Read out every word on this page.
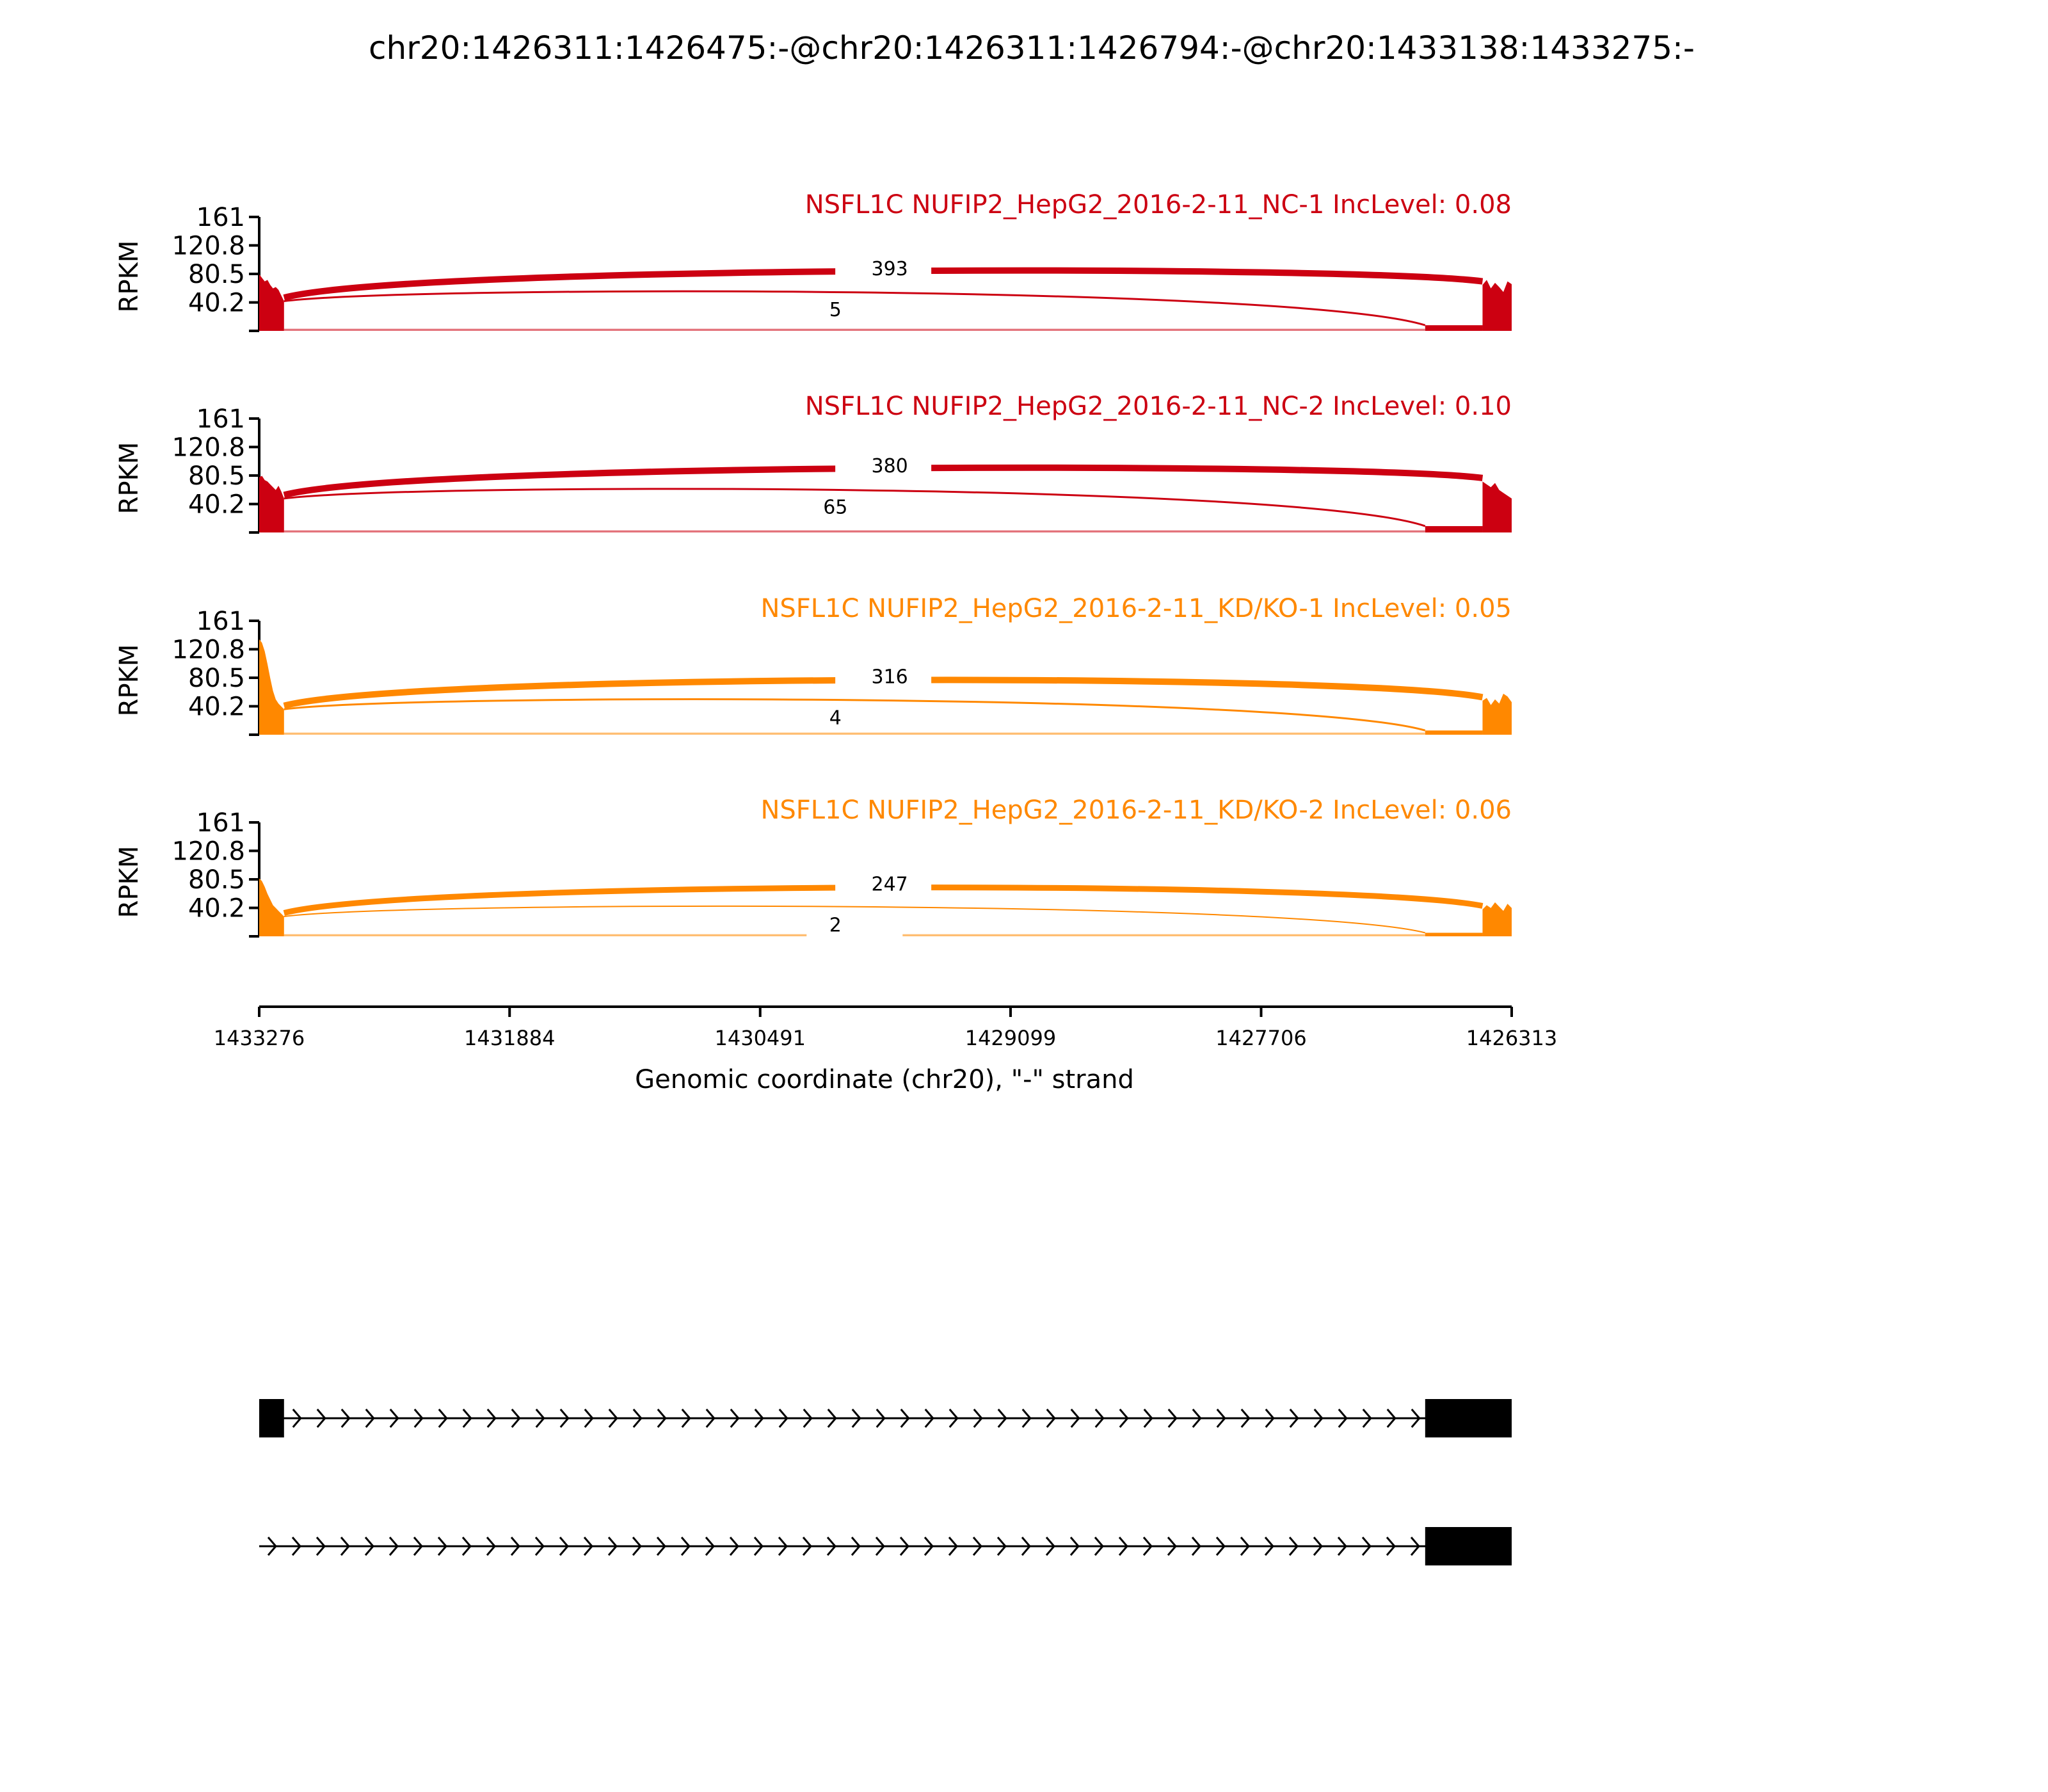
chr20:1426311:1426475:-@chr20:1426311:1426794:-@chr20:1433138:1433275:-
40.2
80.5
120.8
161
RPKM	393
5
NSFL1C NUFIP2_HepG2_2016-2-11_NC-1 IncLevel: 0.08
40.2
80.5
120.8
161
RPKM	380
65
NSFL1C NUFIP2_HepG2_2016-2-11_NC-2 IncLevel: 0.10
40.2
80.5
120.8
161
RPKM	316
4
NSFL1C NUFIP2_HepG2_2016-2-11_KD/KO-1 IncLevel: 0.05
40.2
80.5
120.8
161
RPKM	247
2
NSFL1C NUFIP2_HepG2_2016-2-11_KD/KO-2 IncLevel: 0.06
Genomic coordinate (chr20), "-" strand
1433276	1431884	1430491	1429099	1427706	1426313
